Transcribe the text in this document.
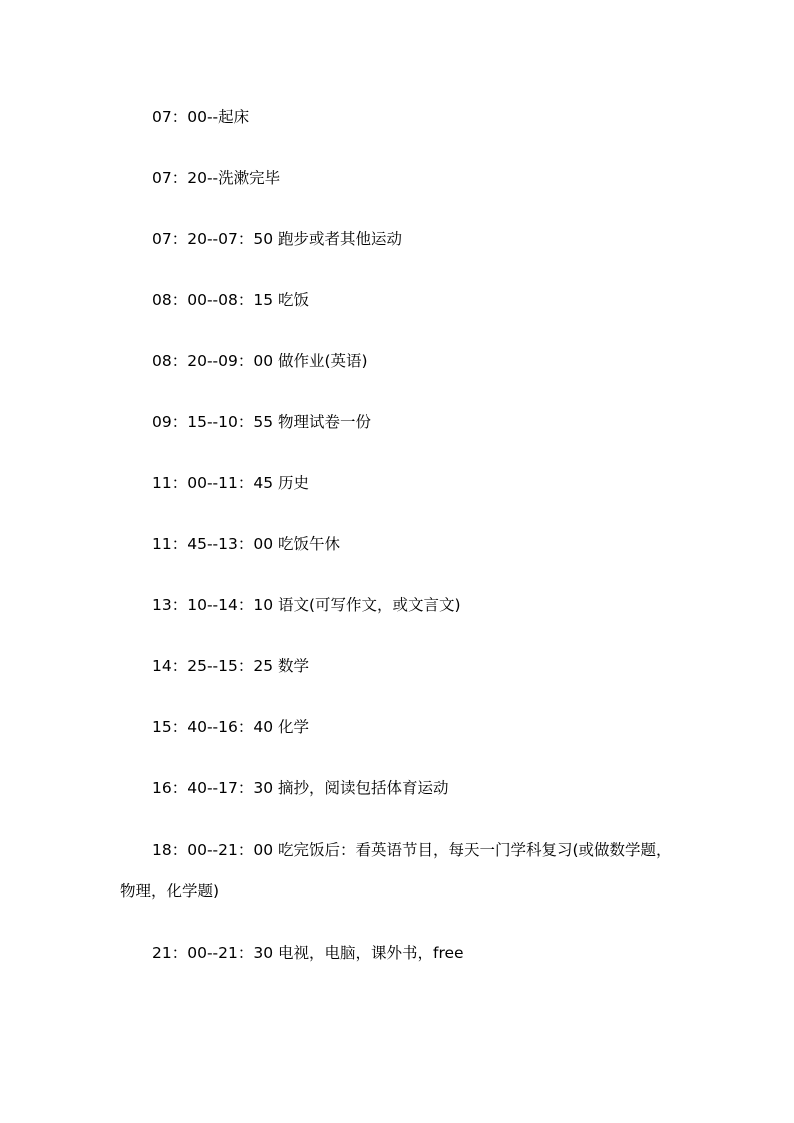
07：00--起床

07：20--洗漱完毕

07：20--07：50 跑步或者其他运动

08：00--08：15 吃饭

08：20--09：00 做作业(英语)

09：15--10：55 物理试卷一份

11：00--11：45 历史

11：45--13：00 吃饭午休

13：10--14：10 语文(可写作文，或文言文)

14：25--15：25 数学

15：40--16：40 化学

16：40--17：30 摘抄，阅读包括体育运动

18：00--21：00 吃完饭后：看英语节目，每天一门学科复习(或做数学题，物理，化学题)

21：00--21：30 电视，电脑，课外书，free
